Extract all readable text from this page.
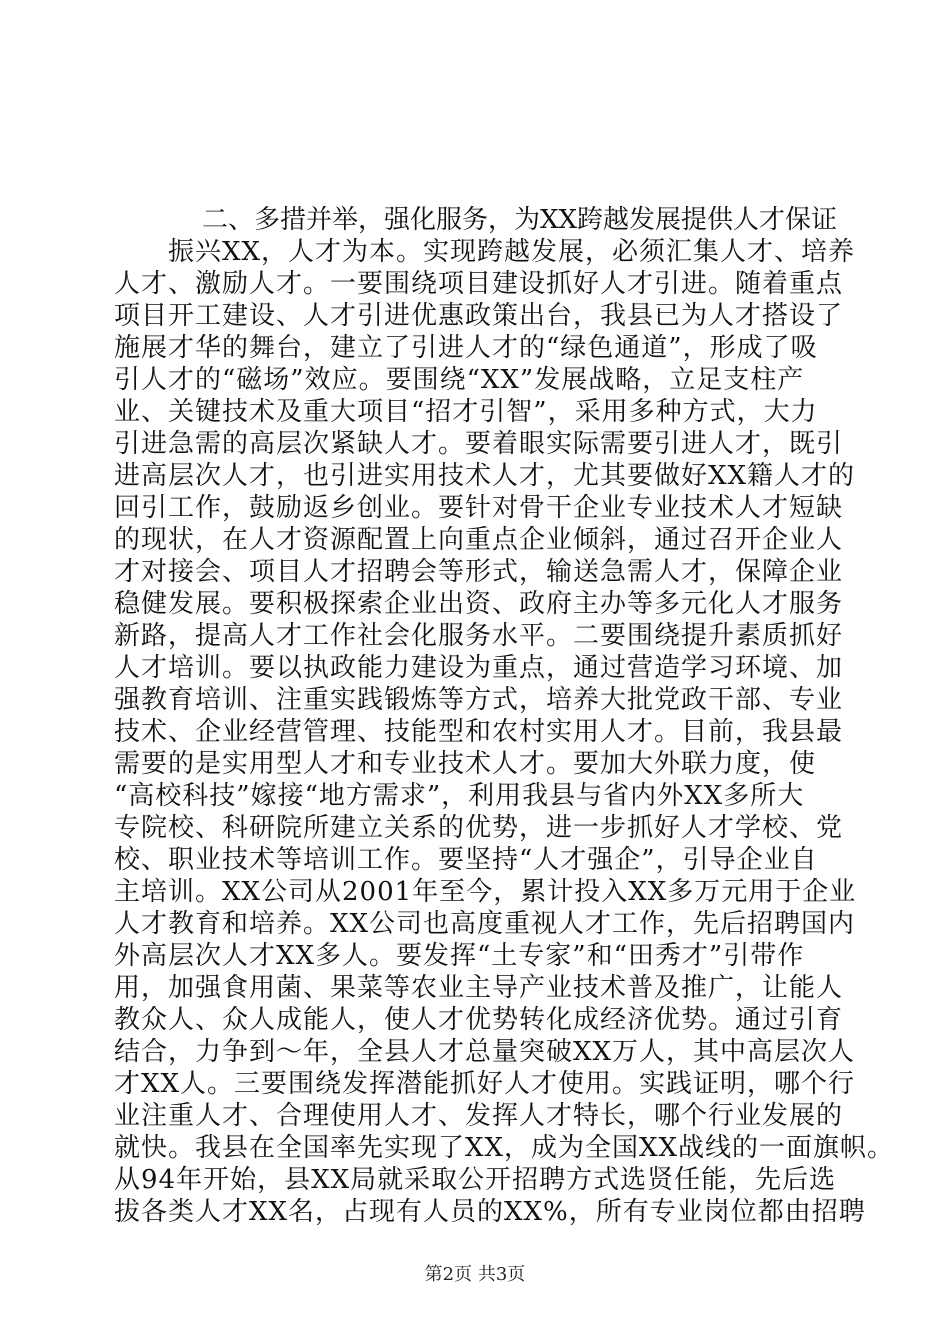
二、多措并举，强化服务，为XX跨越发展提供人才保证
　　振兴XX，人才为本。实现跨越发展，必须汇集人才、培养
人才、激励人才。一要围绕项目建设抓好人才引进。随着重点
项目开工建设、人才引进优惠政策出台，我县已为人才搭设了
施展才华的舞台，建立了引进人才的“绿色通道”，形成了吸
引人才的“磁场”效应。要围绕“XX”发展战略，立足支柱产
业、关键技术及重大项目“招才引智”，采用多种方式，大力
引进急需的高层次紧缺人才。要着眼实际需要引进人才，既引
进高层次人才，也引进实用技术人才，尤其要做好XX籍人才的
回引工作，鼓励返乡创业。要针对骨干企业专业技术人才短缺
的现状，在人才资源配置上向重点企业倾斜，通过召开企业人
才对接会、项目人才招聘会等形式，输送急需人才，保障企业
稳健发展。要积极探索企业出资、政府主办等多元化人才服务
新路，提高人才工作社会化服务水平。二要围绕提升素质抓好
人才培训。要以执政能力建设为重点，通过营造学习环境、加
强教育培训、注重实践锻炼等方式，培养大批党政干部、专业
技术、企业经营管理、技能型和农村实用人才。目前，我县最
需要的是实用型人才和专业技术人才。要加大外联力度，使
“高校科技”嫁接“地方需求”，利用我县与省内外XX多所大
专院校、科研院所建立关系的优势，进一步抓好人才学校、党
校、职业技术等培训工作。要坚持“人才强企”，引导企业自
主培训。XX公司从2001年至今，累计投入XX多万元用于企业
人才教育和培养。XX公司也高度重视人才工作，先后招聘国内
外高层次人才XX多人。要发挥“土专家”和“田秀才”引带作
用，加强食用菌、果菜等农业主导产业技术普及推广，让能人
教众人、众人成能人，使人才优势转化成经济优势。通过引育
结合，力争到～年，全县人才总量突破XX万人，其中高层次人
才XX人。三要围绕发挥潜能抓好人才使用。实践证明，哪个行
业注重人才、合理使用人才、发挥人才特长，哪个行业发展的
就快。我县在全国率先实现了XX，成为全国XX战线的一面旗帜。
从94年开始，县XX局就采取公开招聘方式选贤任能，先后选
拔各类人才XX名，占现有人员的XX%，所有专业岗位都由招聘
第2页 共3页
